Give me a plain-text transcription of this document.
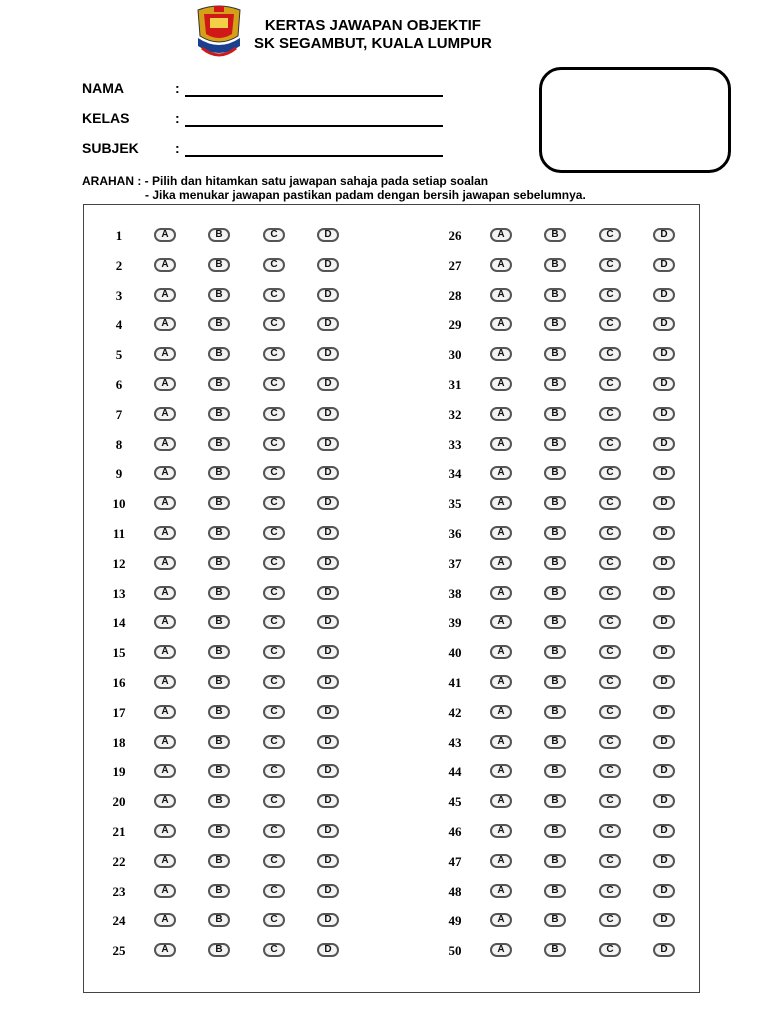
KERTAS JAWAPAN OBJEKTIF
SK SEGAMBUT, KUALA LUMPUR
NAMA	:
KELAS	:
SUBJEK	:
ARAHAN : - Pilih dan hitamkan satu jawapan sahaja pada setiap soalan
- Jika menukar jawapan pastikan padam dengan bersih jawapan sebelumnya.
1	A	B	C	D
2	A	B	C	D
3	A	B	C	D
4	A	B	C	D
5	A	B	C	D
6	A	B	C	D
7	A	B	C	D
8	A	B	C	D
9	A	B	C	D
10	A	B	C	D
11	A	B	C	D
12	A	B	C	D
13	A	B	C	D
14	A	B	C	D
15	A	B	C	D
16	A	B	C	D
17	A	B	C	D
18	A	B	C	D
19	A	B	C	D
20	A	B	C	D
21	A	B	C	D
22	A	B	C	D
23	A	B	C	D
24	A	B	C	D
25	A	B	C	D
26	A	B	C	D
27	A	B	C	D
28	A	B	C	D
29	A	B	C	D
30	A	B	C	D
31	A	B	C	D
32	A	B	C	D
33	A	B	C	D
34	A	B	C	D
35	A	B	C	D
36	A	B	C	D
37	A	B	C	D
38	A	B	C	D
39	A	B	C	D
40	A	B	C	D
41	A	B	C	D
42	A	B	C	D
43	A	B	C	D
44	A	B	C	D
45	A	B	C	D
46	A	B	C	D
47	A	B	C	D
48	A	B	C	D
49	A	B	C	D
50	A	B	C	D
